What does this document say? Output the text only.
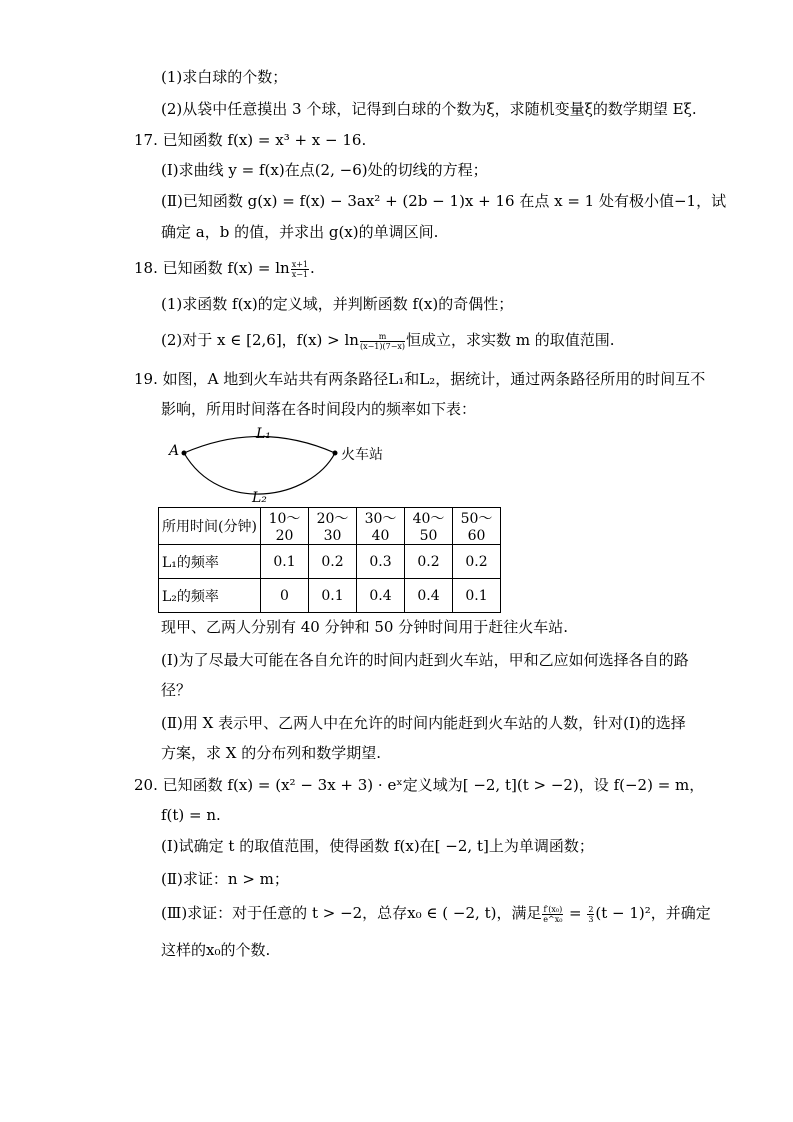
(1)求白球的个数；
(2)从袋中任意摸出 3 个球，记得到白球的个数为ξ，求随机变量ξ的数学期望 Eξ.
17. 已知函数 f(x) = x³ + x − 16.
(Ⅰ)求曲线 y = f(x)在点(2, −6)处的切线的方程；
(Ⅱ)已知函数 g(x) = f(x) − 3ax² + (2b − 1)x + 16 在点 x = 1 处有极小值−1，试
确定 a，b 的值，并求出 g(x)的单调区间.
18. 已知函数 $f(x) = \ln \frac{x+1}{x-1}$ .
(1)求函数 f(x)的定义域，并判断函数 f(x)的奇偶性；
(2)对于 x ∈ [2,6]，$f(x) > \ln \frac{m}{(x-1)(7-x)}$ 恒成立，求实数 m 的取值范围.
19. 如图，A 地到火车站共有两条路径L₁和L₂，据统计，通过两条路径所用的时间互不
影响，所用时间落在各时间段内的频率如下表：
A
L₁
L₂
火车站
所用时间(分钟)	10～20	20～30	30～40	40～50	50～60
L₁的频率	0.1	0.2	0.3	0.2	0.2
L₂的频率	0	0.1	0.4	0.4	0.1
现甲、乙两人分别有 40 分钟和 50 分钟时间用于赶往火车站.
(Ⅰ)为了尽最大可能在各自允许的时间内赶到火车站，甲和乙应如何选择各自的路
径？
(Ⅱ)用 X 表示甲、乙两人中在允许的时间内能赶到火车站的人数，针对(Ⅰ)的选择
方案，求 X 的分布列和数学期望.
20. 已知函数 f(x) = (x² − 3x + 3) · eˣ定义域为[ −2, t](t > −2)，设 f(−2) = m，
f(t) = n.
(Ⅰ)试确定 t 的取值范围，使得函数 f(x)在[ −2, t]上为单调函数；
(Ⅱ)求证：n > m；
(Ⅲ)求证：对于任意的 t > −2，总存x₀ ∈ ( −2, t)，满足 $\frac{\text{f′(x₀)}}{\text{e\textasciicircum{}x₀}} = \frac{2}{3} (t - 1)^2$，并确定
这样的x₀的个数.
